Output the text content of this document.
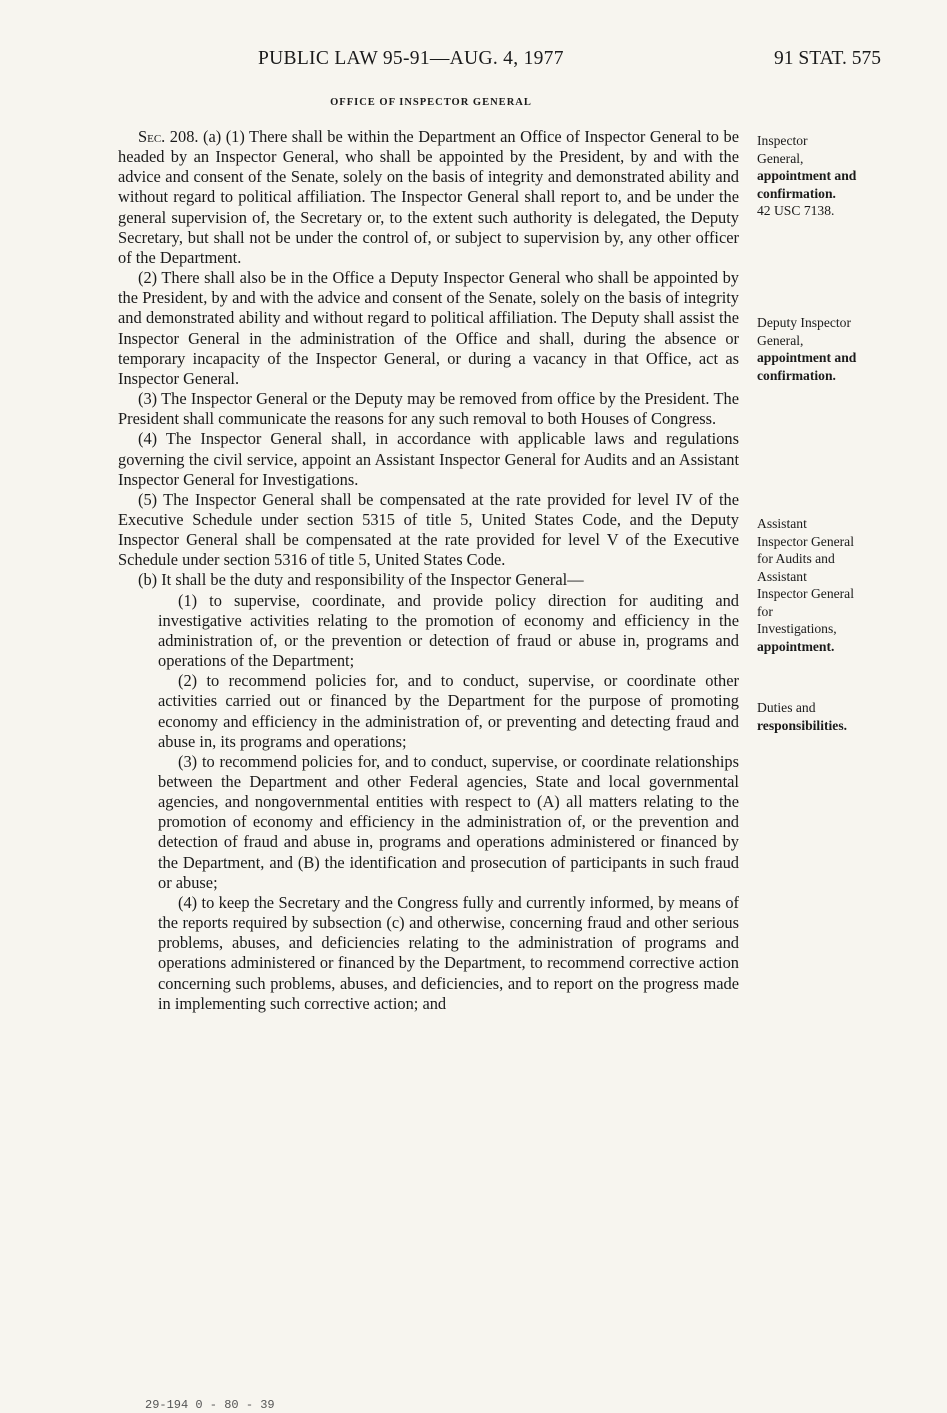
PUBLIC LAW 95-91—AUG. 4, 1977	91 STAT. 575
OFFICE OF INSPECTOR GENERAL

Sec. 208. (a) (1) There shall be within the Department an Office of Inspector General to be headed by an Inspector General, who shall be appointed by the President, by and with the advice and consent of the Senate, solely on the basis of integrity and demonstrated ability and without regard to political affiliation. The Inspector General shall report to, and be under the general supervision of, the Secretary or, to the extent such authority is delegated, the Deputy Secretary, but shall not be under the control of, or subject to supervision by, any other officer of the Department.

(2) There shall also be in the Office a Deputy Inspector General who shall be appointed by the President, by and with the advice and consent of the Senate, solely on the basis of integrity and demonstrated ability and without regard to political affiliation. The Deputy shall assist the Inspector General in the administration of the Office and shall, during the absence or temporary incapacity of the Inspector General, or during a vacancy in that Office, act as Inspector General.

(3) The Inspector General or the Deputy may be removed from office by the President. The President shall communicate the reasons for any such removal to both Houses of Congress.

(4) The Inspector General shall, in accordance with applicable laws and regulations governing the civil service, appoint an Assistant Inspector General for Audits and an Assistant Inspector General for Investigations.

(5) The Inspector General shall be compensated at the rate provided for level IV of the Executive Schedule under section 5315 of title 5, United States Code, and the Deputy Inspector General shall be compensated at the rate provided for level V of the Executive Schedule under section 5316 of title 5, United States Code.

(b) It shall be the duty and responsibility of the Inspector General—

(1) to supervise, coordinate, and provide policy direction for auditing and investigative activities relating to the promotion of economy and efficiency in the administration of, or the prevention or detection of fraud or abuse in, programs and operations of the Department;

(2) to recommend policies for, and to conduct, supervise, or coordinate other activities carried out or financed by the Department for the purpose of promoting economy and efficiency in the administration of, or preventing and detecting fraud and abuse in, its programs and operations;

(3) to recommend policies for, and to conduct, supervise, or coordinate relationships between the Department and other Federal agencies, State and local governmental agencies, and nongovernmental entities with respect to (A) all matters relating to the promotion of economy and efficiency in the administration of, or the prevention and detection of fraud and abuse in, programs and operations administered or financed by the Department, and (B) the identification and prosecution of participants in such fraud or abuse;

(4) to keep the Secretary and the Congress fully and currently informed, by means of the reports required by subsection (c) and otherwise, concerning fraud and other serious problems, abuses, and deficiencies relating to the administration of programs and operations administered or financed by the Department, to recommend corrective action concerning such problems, abuses, and deficiencies, and to report on the progress made in implementing such corrective action; and

Inspector
General,
appointment and
confirmation.
42 USC 7138.
Deputy Inspector
General,
appointment and
confirmation.
Assistant
Inspector General
for Audits and
Assistant
Inspector General
for
Investigations,
appointment.
Duties and
responsibilities.
29-194 0 - 80 - 39
